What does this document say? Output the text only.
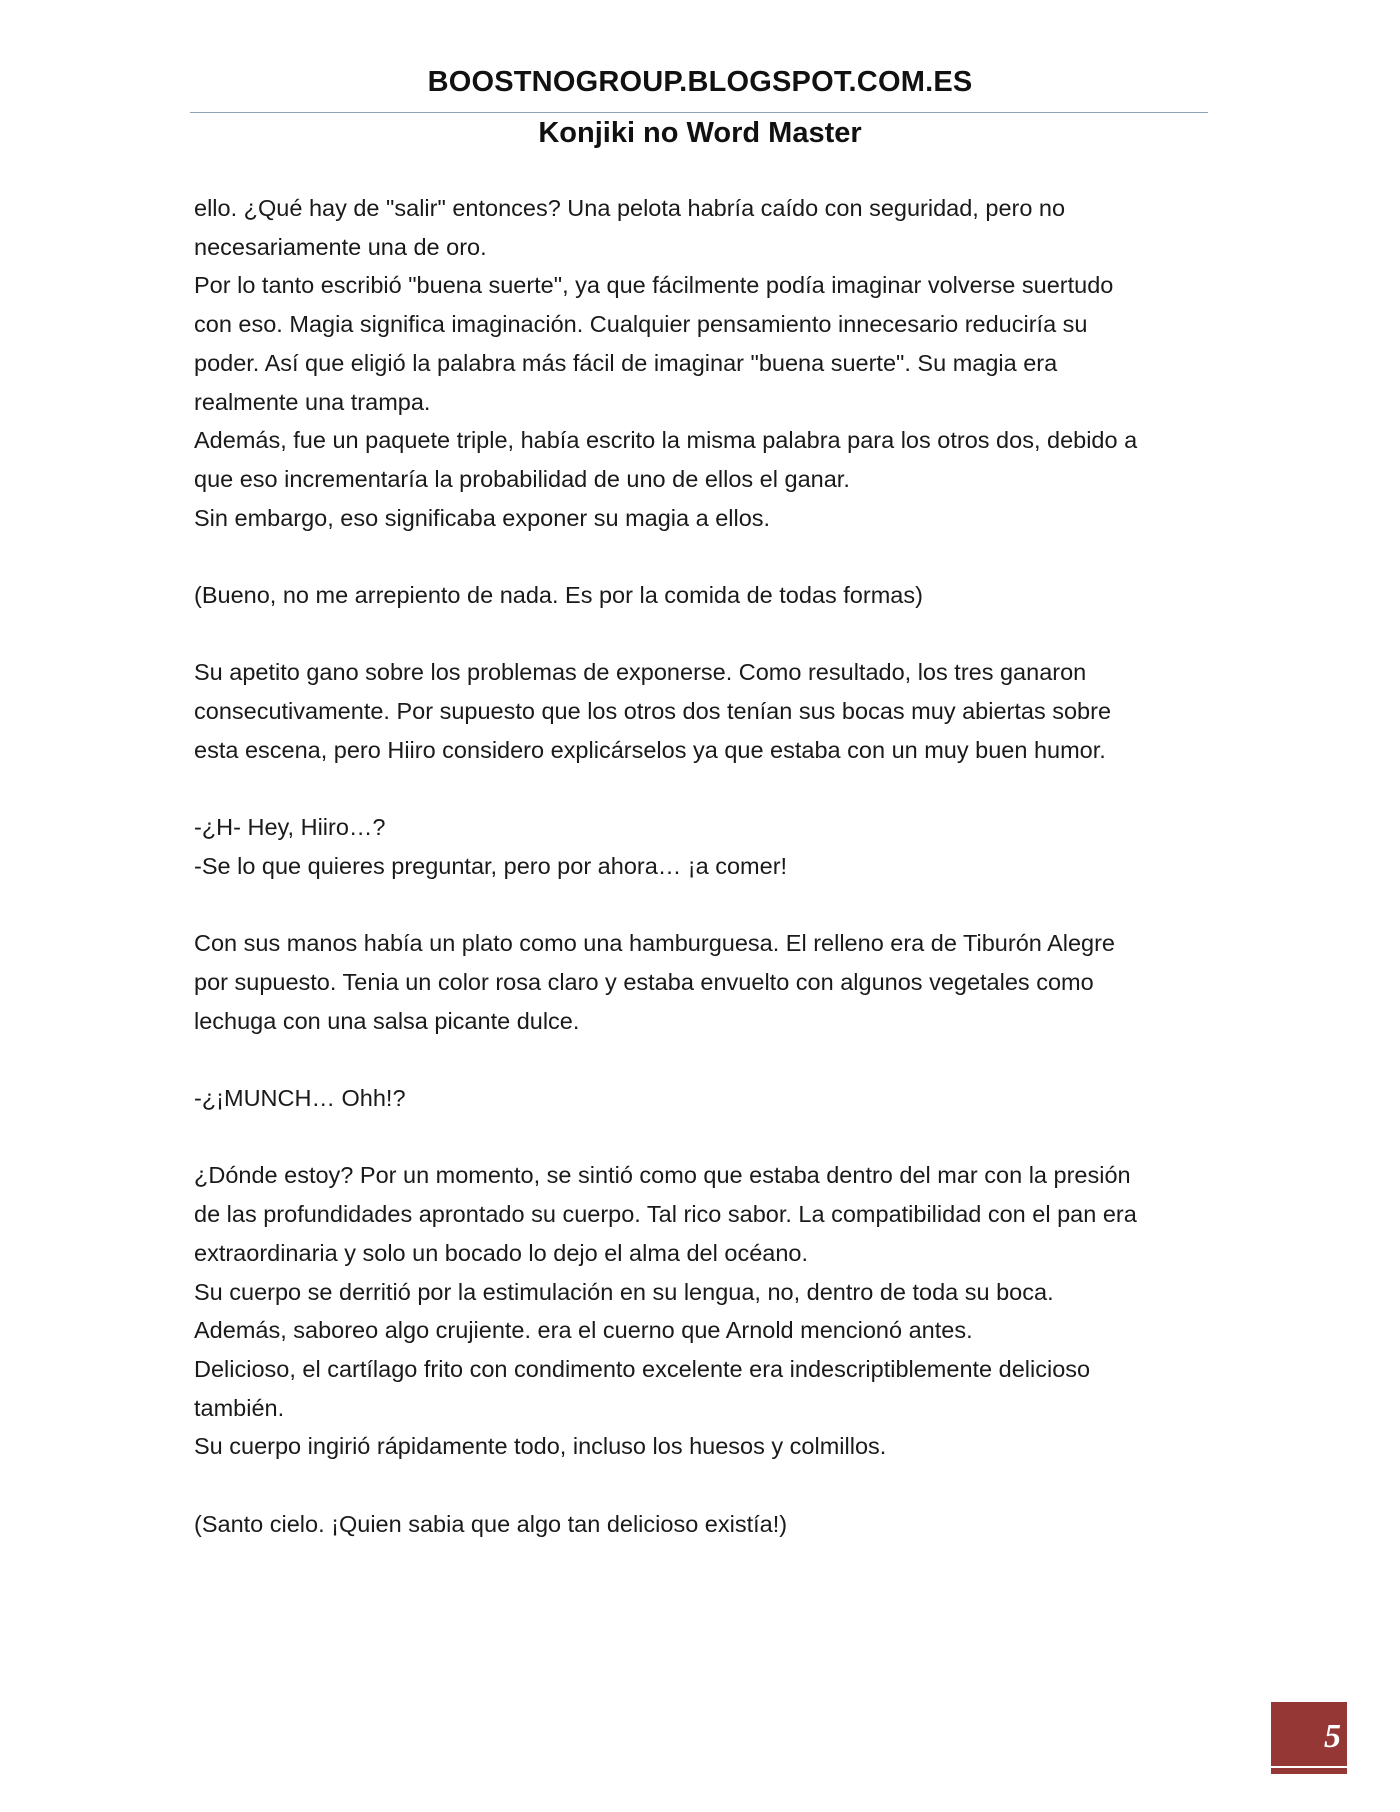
BOOSTNOGROUP.BLOGSPOT.COM.ES
Konjiki no Word Master

ello. ¿Qué hay de "salir" entonces? Una pelota habría caído con seguridad, pero no

necesariamente una de oro.

Por lo tanto escribió "buena suerte", ya que fácilmente podía imaginar volverse suertudo

con eso. Magia significa imaginación. Cualquier pensamiento innecesario reduciría su

poder. Así que eligió la palabra más fácil de imaginar "buena suerte". Su magia era

realmente una trampa.

Además, fue un paquete triple, había escrito la misma palabra para los otros dos, debido a

que eso incrementaría la probabilidad de uno de ellos el ganar.

Sin embargo, eso significaba exponer su magia a ellos.

(Bueno, no me arrepiento de nada. Es por la comida de todas formas)

Su apetito gano sobre los problemas de exponerse. Como resultado, los tres ganaron

consecutivamente. Por supuesto que los otros dos tenían sus bocas muy abiertas sobre

esta escena, pero Hiiro considero explicárselos ya que estaba con un muy buen humor.

-¿H- Hey, Hiiro…?

-Se lo que quieres preguntar, pero por ahora… ¡a comer!

Con sus manos había un plato como una hamburguesa. El relleno era de Tiburón Alegre

por supuesto. Tenia un color rosa claro y estaba envuelto con algunos vegetales como

lechuga con una salsa picante dulce.

-¿¡MUNCH… Ohh!?

¿Dónde estoy? Por un momento, se sintió como que estaba dentro del mar con la presión

de las profundidades aprontado su cuerpo. Tal rico sabor. La compatibilidad con el pan era

extraordinaria y solo un bocado lo dejo el alma del océano.

Su cuerpo se derritió por la estimulación en su lengua, no, dentro de toda su boca.

Además, saboreo algo crujiente. era el cuerno que Arnold mencionó antes.

Delicioso, el cartílago frito con condimento excelente era indescriptiblemente delicioso

también.

Su cuerpo ingirió rápidamente todo, incluso los huesos y colmillos.

(Santo cielo. ¡Quien sabia que algo tan delicioso existía!)

5
